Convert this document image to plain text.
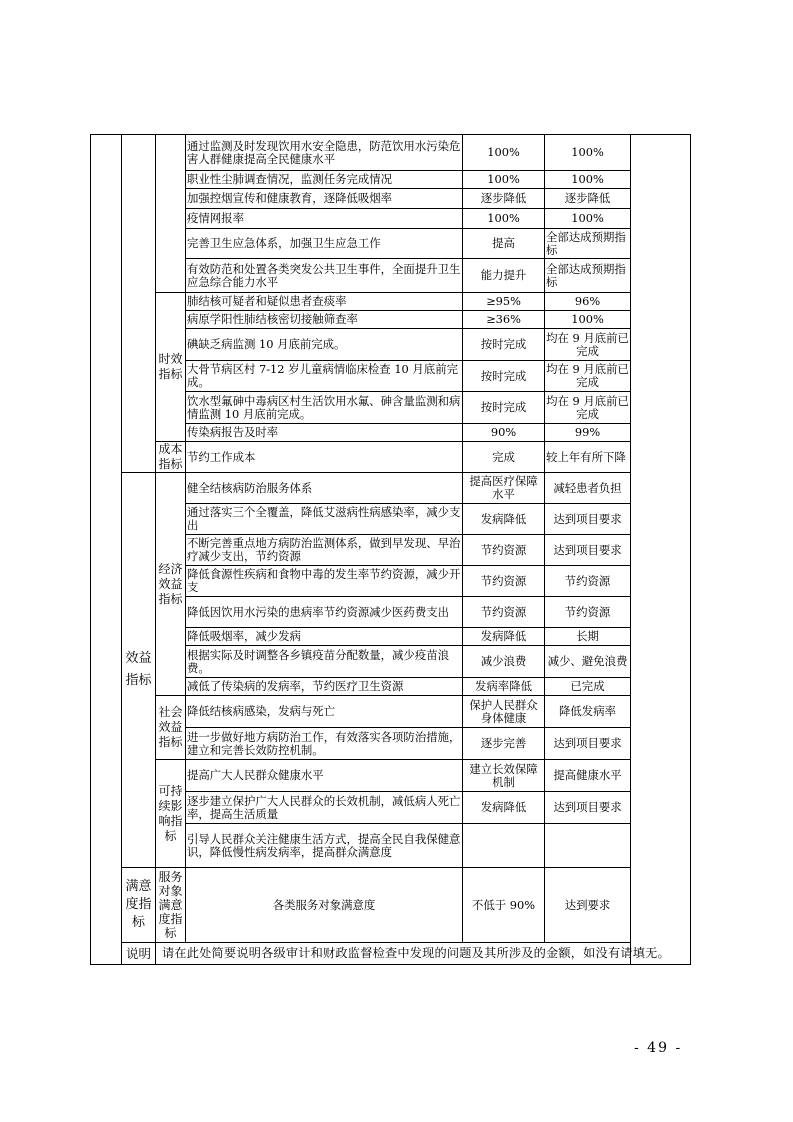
			通过监测及时发现饮用水安全隐患，防范饮用水污染危害人群健康提高全民健康水平	100%	100%	
			职业性尘肺调查情况，监测任务完成情况	100%	100%	
			加强控烟宣传和健康教育，逐降低吸烟率	逐步降低	逐步降低	
			疫情网报率	100%	100%	
			完善卫生应急体系，加强卫生应急工作	提高	全部达成预期指标	
			有效防范和处置各类突发公共卫生事件，全面提升卫生应急综合能力水平	能力提升	全部达成预期指标	
		时效指标	肺结核可疑者和疑似患者查痰率	≥95%	96%	
			病原学阳性肺结核密切接触筛查率	≥36%	100%	
			碘缺乏病监测 10 月底前完成。	按时完成	均在 9 月底前已完成	
			大骨节病区村 7-12 岁儿童病情临床检查 10 月底前完成。	按时完成	均在 9 月底前已完成	
			饮水型氟砷中毒病区村生活饮用水氟、砷含量监测和病情监测 10 月底前完成。	按时完成	均在 9 月底前已完成	
			传染病报告及时率	90%	99%	
		成本指标	节约工作成本	完成	较上年有所下降	
	效益指标	经济效益指标	健全结核病防治服务体系	提高医疗保障水平	减轻患者负担	
			通过落实三个全覆盖，降低艾滋病性病感染率，减少支出	发病降低	达到项目要求	
			不断完善重点地方病防治监测体系，做到早发现、早治疗减少支出，节约资源	节约资源	达到项目要求	
			降低食源性疾病和食物中毒的发生率节约资源，减少开支	节约资源	节约资源	
			降低因饮用水污染的患病率节约资源减少医药费支出	节约资源	节约资源	
			降低吸烟率，减少发病	发病降低	长期	
			根据实际及时调整各乡镇疫苗分配数量，减少疫苗浪费。	减少浪费	减少、避免浪费	
			减低了传染病的发病率，节约医疗卫生资源	发病率降低	已完成	
		社会效益指标	降低结核病感染，发病与死亡	保护人民群众身体健康	降低发病率	
			进一步做好地方病防治工作，有效落实各项防治措施，建立和完善长效防控机制。	逐步完善	达到项目要求	
		可持续影响指标	提高广大人民群众健康水平	建立长效保障机制	提高健康水平	
			逐步建立保护广大人民群众的长效机制，减低病人死亡率，提高生活质量	发病降低	达到项目要求	
			引导人民群众关注健康生活方式，提高全民自我保健意识，降低慢性病发病率，提高群众满意度			
	满意度指标	服务对象满意度指标	各类服务对象满意度	不低于 90%	达到要求	
	说明	请在此处简要说明各级审计和财政监督检查中发现的问题及其所涉及的金额，如没有请填无。				
- 49 -
